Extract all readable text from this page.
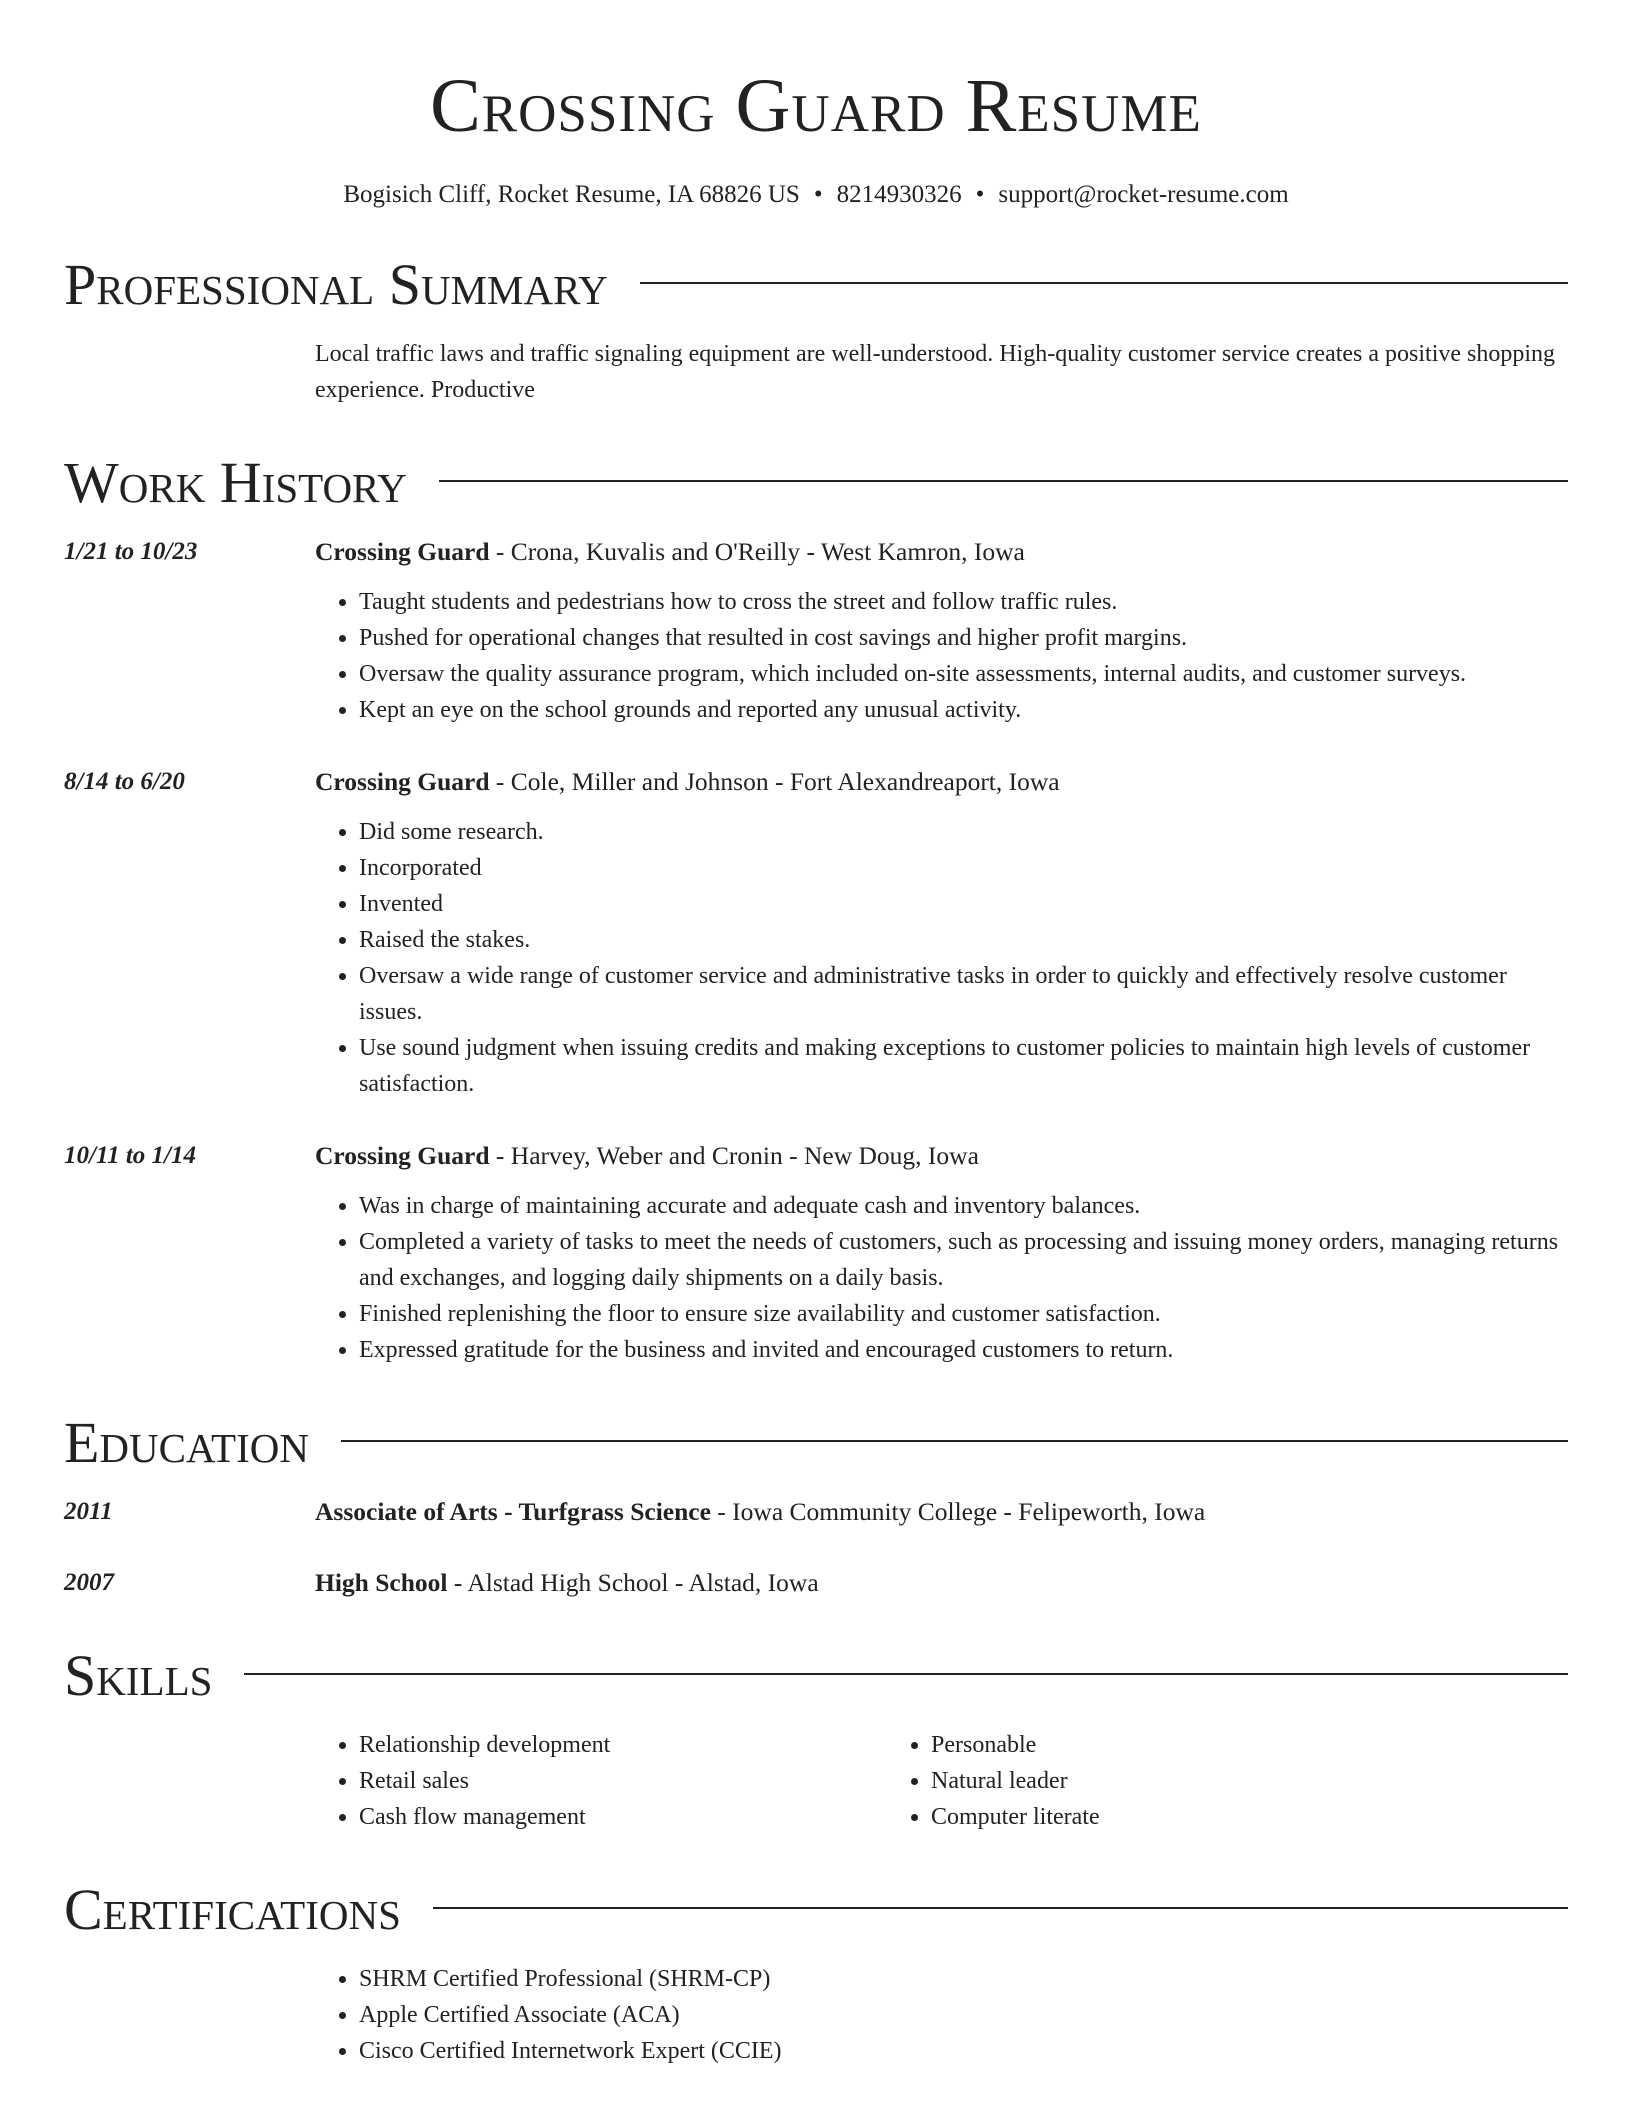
Crossing Guard Resume
Bogisich Cliff, Rocket Resume, IA 68826 US • 8214930326 • support@rocket-resume.com
Professional Summary
Local traffic laws and traffic signaling equipment are well-understood. High-quality customer service creates a positive shopping experience. Productive
Work History
1/21 to 10/23	Crossing Guard - Crona, Kuvalis and O'Reilly - West Kamron, Iowa
• Taught students and pedestrians how to cross the street and follow traffic rules.
• Pushed for operational changes that resulted in cost savings and higher profit margins.
• Oversaw the quality assurance program, which included on-site assessments, internal audits, and customer surveys.
• Kept an eye on the school grounds and reported any unusual activity.
8/14 to 6/20	Crossing Guard - Cole, Miller and Johnson - Fort Alexandreaport, Iowa
• Did some research.
• Incorporated
• Invented
• Raised the stakes.
• Oversaw a wide range of customer service and administrative tasks in order to quickly and effectively resolve customer issues.
• Use sound judgment when issuing credits and making exceptions to customer policies to maintain high levels of customer satisfaction.
10/11 to 1/14	Crossing Guard - Harvey, Weber and Cronin - New Doug, Iowa
• Was in charge of maintaining accurate and adequate cash and inventory balances.
• Completed a variety of tasks to meet the needs of customers, such as processing and issuing money orders, managing returns and exchanges, and logging daily shipments on a daily basis.
• Finished replenishing the floor to ensure size availability and customer satisfaction.
• Expressed gratitude for the business and invited and encouraged customers to return.
Education
2011	Associate of Arts - Turfgrass Science - Iowa Community College - Felipeworth, Iowa
2007	High School - Alstad High School - Alstad, Iowa
Skills
• Relationship development
• Retail sales
• Cash flow management
• Personable
• Natural leader
• Computer literate
Certifications
• SHRM Certified Professional (SHRM-CP)
• Apple Certified Associate (ACA)
• Cisco Certified Internetwork Expert (CCIE)
